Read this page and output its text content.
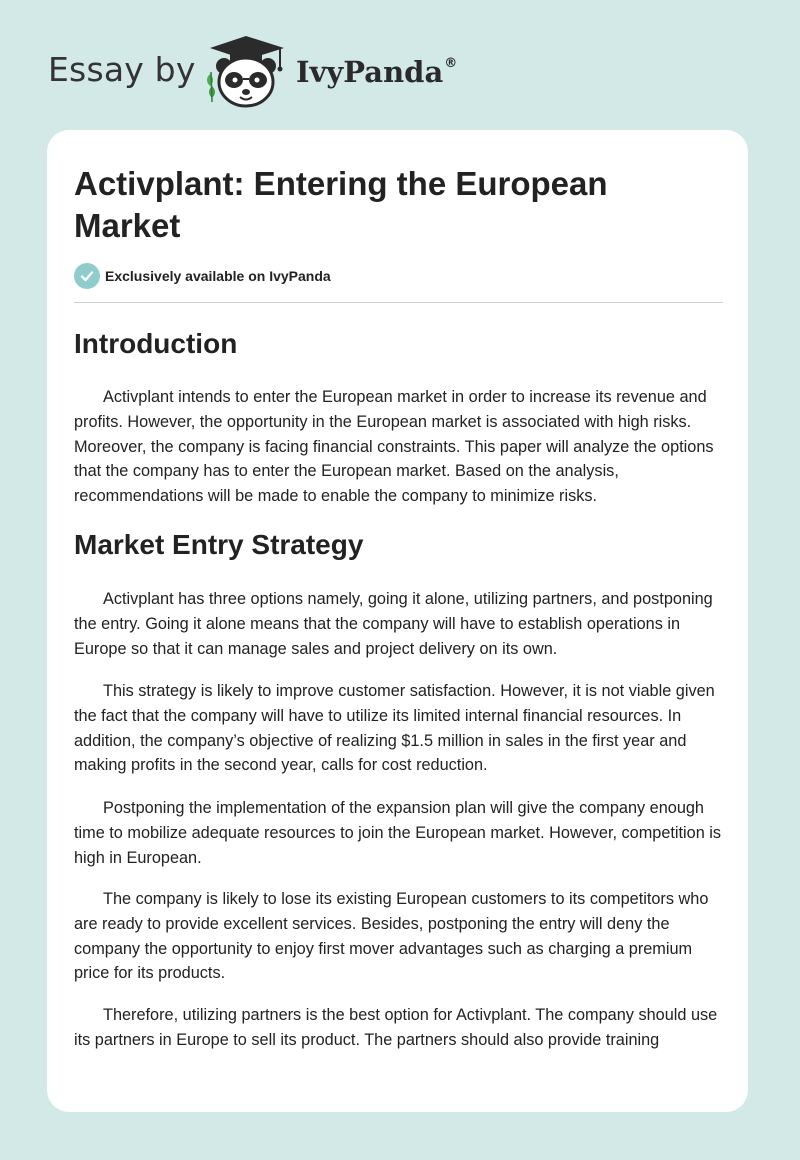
Essay by	IvyPanda®
Activplant: Entering the European Market
Exclusively available on IvyPanda
Introduction

Activplant intends to enter the European market in order to increase its revenue and profits. However, the opportunity in the European market is associated with high risks. Moreover, the company is facing financial constraints. This paper will analyze the options that the company has to enter the European market. Based on the analysis, recommendations will be made to enable the company to minimize risks.

Market Entry Strategy

Activplant has three options namely, going it alone, utilizing partners, and postponing the entry. Going it alone means that the company will have to establish operations in Europe so that it can manage sales and project delivery on its own.

This strategy is likely to improve customer satisfaction. However, it is not viable given the fact that the company will have to utilize its limited internal financial resources. In addition, the company’s objective of realizing $1.5 million in sales in the first year and making profits in the second year, calls for cost reduction.

Postponing the implementation of the expansion plan will give the company enough time to mobilize adequate resources to join the European market. However, competition is high in European.

The company is likely to lose its existing European customers to its competitors who are ready to provide excellent services. Besides, postponing the entry will deny the company the opportunity to enjoy first mover advantages such as charging a premium price for its products.

Therefore, utilizing partners is the best option for Activplant. The company should use its partners in Europe to sell its product. The partners should also provide training
